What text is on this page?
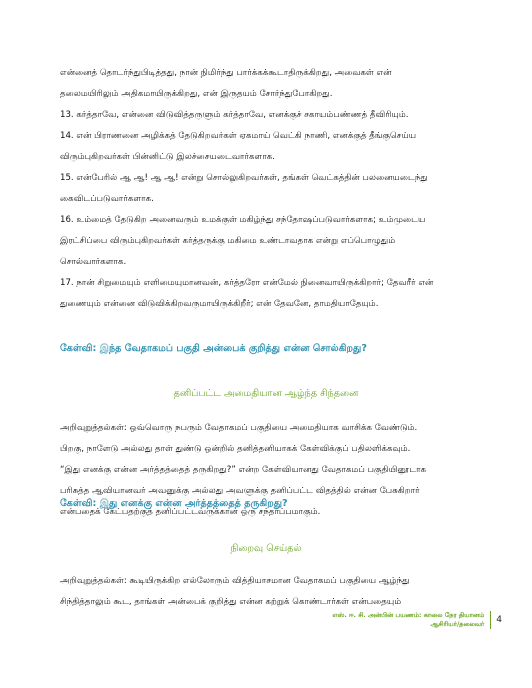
என்னைத் தொடர்ந்துபிடித்தது, நான் நிமிர்ந்து பார்க்கக்கூடாதிருக்கிறது, அவைகள் என்
தலைமயிரிலும் அதிகமாயிருக்கிறது, என் இருதயம் சோர்ந்துபோகிறது.
13. கர்த்தாவே, என்னை விடுவித்தருளும் கர்த்தாவே, எனக்குச் சகாயம்பண்ணத் தீவிரியும்.
14. என் பிராணனை அழிக்கத் தேடுகிறவர்கள் ஏகமாய் வெட்கி நாணி, எனக்குத் தீங்குசெய்ய
விரும்புகிறவர்கள் பின்னிட்டு இலச்சையடைவார்களாக.
15. என்பேரில் ஆ ஆ! ஆ ஆ! என்று சொல்லுகிறவர்கள், தங்கள் வெட்கத்தின் பலனையடைந்து
கைவிடப்படுவார்களாக.
16. உம்மைத் தேடுகிற அனைவரும் உமக்குள் மகிழ்ந்து சந்தோஷப்படுவார்களாக; உம்முடைய
இரட்சிப்பை விரும்புகிறவர்கள் கர்த்தருக்கு மகிமை உண்டாவதாக என்று எப்பொழுதும்
சொல்வார்களாக.
17. நான் சிறுமையும் எளிமையுமானவன், கர்த்தரோ என்மேல் நினைவாயிருக்கிறார்; தேவரீர் என்
துணையும் என்னை விடுவிக்கிறவருமாயிருக்கிறீர்; என் தேவனே, தாமதியாதேயும்.

கேள்வி: இந்த வேதாகமப் பகுதி அன்பைக் குறித்து என்ன சொல்கிறது?

தனிப்பட்ட அமைதியான ஆழ்ந்த சிந்தனை

அறிவுறுத்தல்கள்: ஒவ்வொரு நபரும் வேதாகமப் பகுதியை அமைதியாக வாசிக்க வேண்டும்.
பிறகு, நாளேடு அல்லது தாள் துண்டு ஒன்றில் தனித்தனியாகக் கேள்விக்குப் பதிலளிக்கவும்.
“இது எனக்கு என்ன அர்த்தத்தைத் தருகிறது?” என்ற கேள்வியானது வேதாகமப் பகுதியினூடாக
பரிசுத்த ஆவியானவர் அவனுக்கு அல்லது அவளுக்கு தனிப்பட்ட விதத்தில் என்ன பேசுகிறார்
என்பதைக் கேட்பதற்குத் தனிப்பட்டவருக்கான ஒரு சந்தர்ப்பமாகும்.

கேள்வி: இது எனக்கு என்ன அர்த்தத்தைத் தருகிறது?

நிறைவு செய்தல்

அறிவுறுத்தல்கள்: கூடியிருக்கிற எல்லோரும் வித்தியாசமான வேதாகமப் பகுதியை ஆழ்ந்து
சிந்தித்தாலும் கூட, தாங்கள் அன்பைக் குறித்து என்ன கற்றுக் கொண்டார்கள் என்பதையும்
எஸ். ஈ. சி. அன்பின் பயணம்: காலை நேர தியானம்
ஆசிரியர்/தலைவர்	4
